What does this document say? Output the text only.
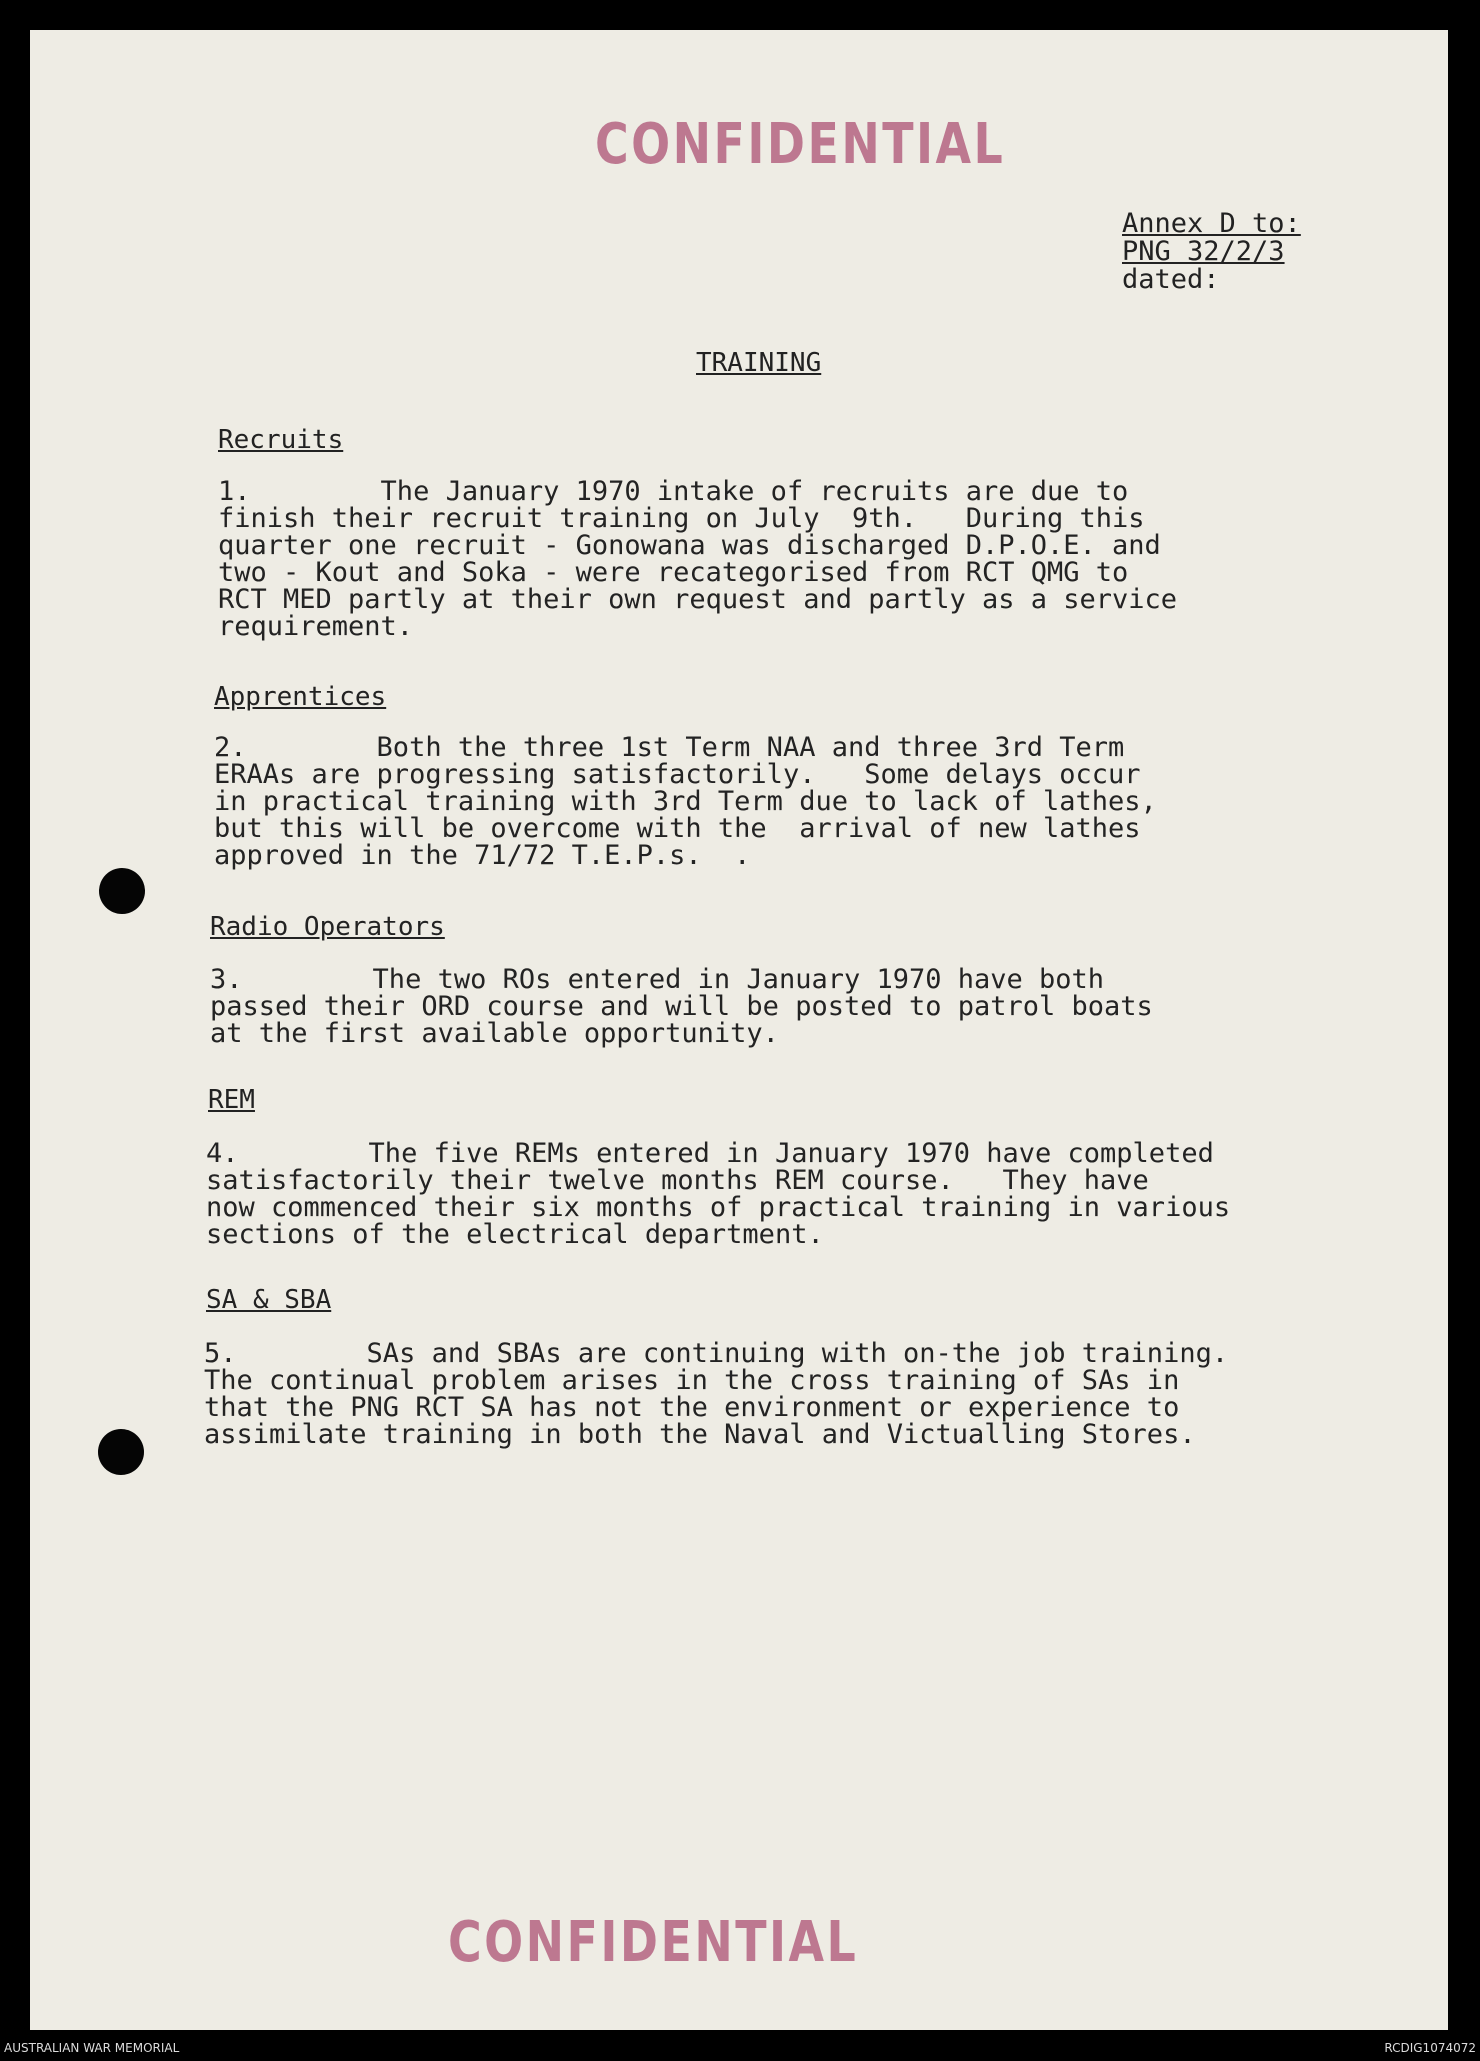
CONFIDENTIAL
Annex D to:
PNG 32/2/3
dated:
TRAINING
Recruits
1.        The January 1970 intake of recruits are due to
finish their recruit training on July  9th.   During this
quarter one recruit - Gonowana was discharged D.P.O.E. and
two - Kout and Soka - were recategorised from RCT QMG to
RCT MED partly at their own request and partly as a service
requirement.
Apprentices
2.        Both the three 1st Term NAA and three 3rd Term
ERAAs are progressing satisfactorily.   Some delays occur
in practical training with 3rd Term due to lack of lathes,
but this will be overcome with the  arrival of new lathes
approved in the 71/72 T.E.P.s.  .
Radio Operators
3.        The two ROs entered in January 1970 have both
passed their ORD course and will be posted to patrol boats
at the first available opportunity.
REM
4.        The five REMs entered in January 1970 have completed
satisfactorily their twelve months REM course.   They have
now commenced their six months of practical training in various
sections of the electrical department.
SA & SBA
5.        SAs and SBAs are continuing with on-the job training.
The continual problem arises in the cross training of SAs in
that the PNG RCT SA has not the environment or experience to
assimilate training in both the Naval and Victualling Stores.
CONFIDENTIAL
AUSTRALIAN WAR MEMORIAL	RCDIG1074072
